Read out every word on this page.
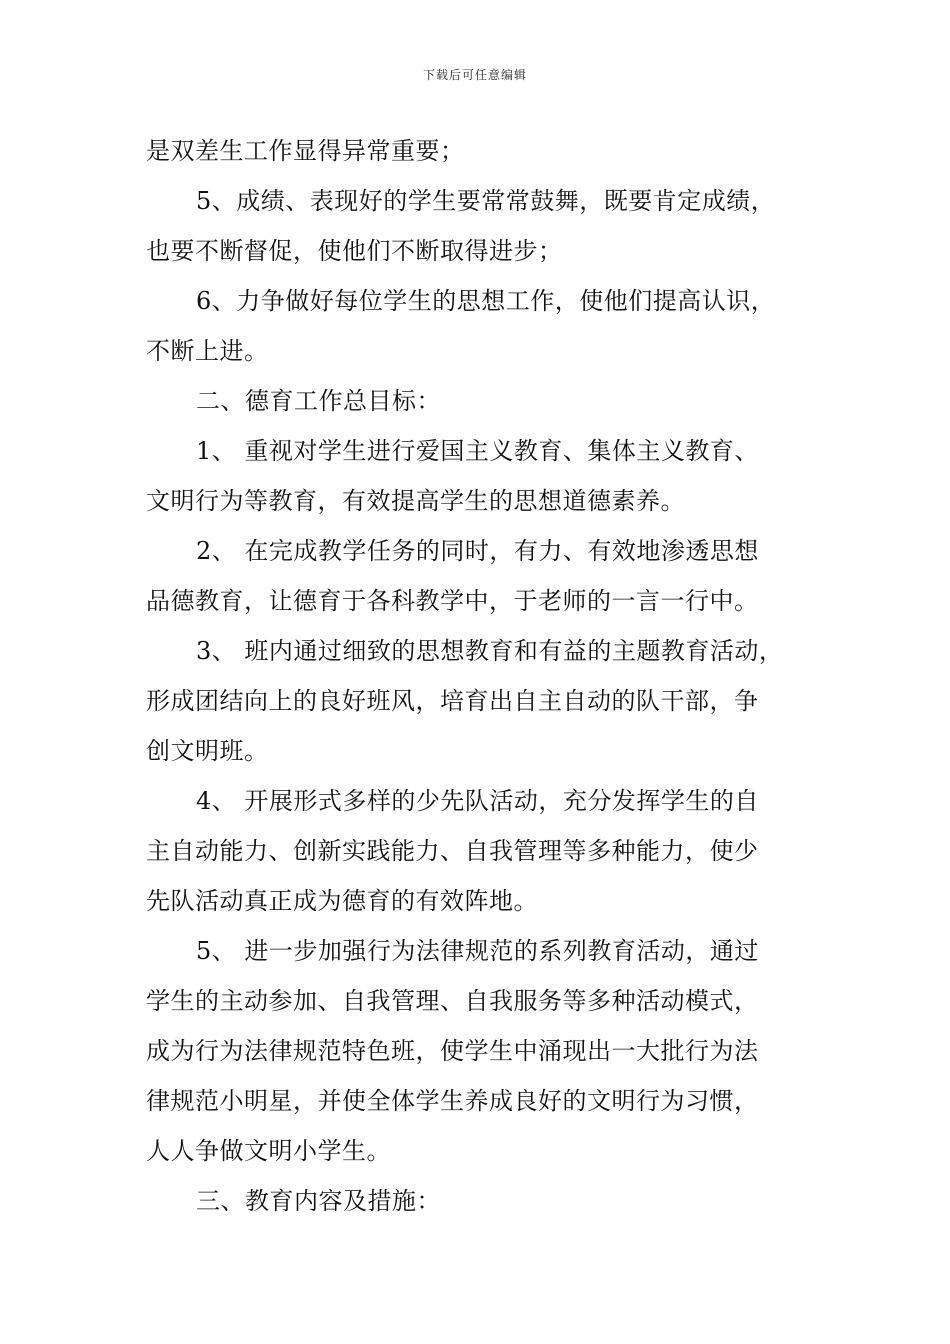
下载后可任意编辑
是双差生工作显得异常重要；
5、成绩、表现好的学生要常常鼓舞，既要肯定成绩，
也要不断督促，使他们不断取得进步；
6、力争做好每位学生的思想工作，使他们提高认识，
不断上进。
二、德育工作总目标：
1、 重视对学生进行爱国主义教育、集体主义教育、
文明行为等教育，有效提高学生的思想道德素养。
2、 在完成教学任务的同时，有力、有效地渗透思想
品德教育，让德育于各科教学中，于老师的一言一行中。
3、 班内通过细致的思想教育和有益的主题教育活动，
形成团结向上的良好班风，培育出自主自动的队干部，争
创文明班。
4、 开展形式多样的少先队活动，充分发挥学生的自
主自动能力、创新实践能力、自我管理等多种能力，使少
先队活动真正成为德育的有效阵地。
5、 进一步加强行为法律规范的系列教育活动，通过
学生的主动参加、自我管理、自我服务等多种活动模式，
成为行为法律规范特色班，使学生中涌现出一大批行为法
律规范小明星，并使全体学生养成良好的文明行为习惯，
人人争做文明小学生。
三、教育内容及措施：
